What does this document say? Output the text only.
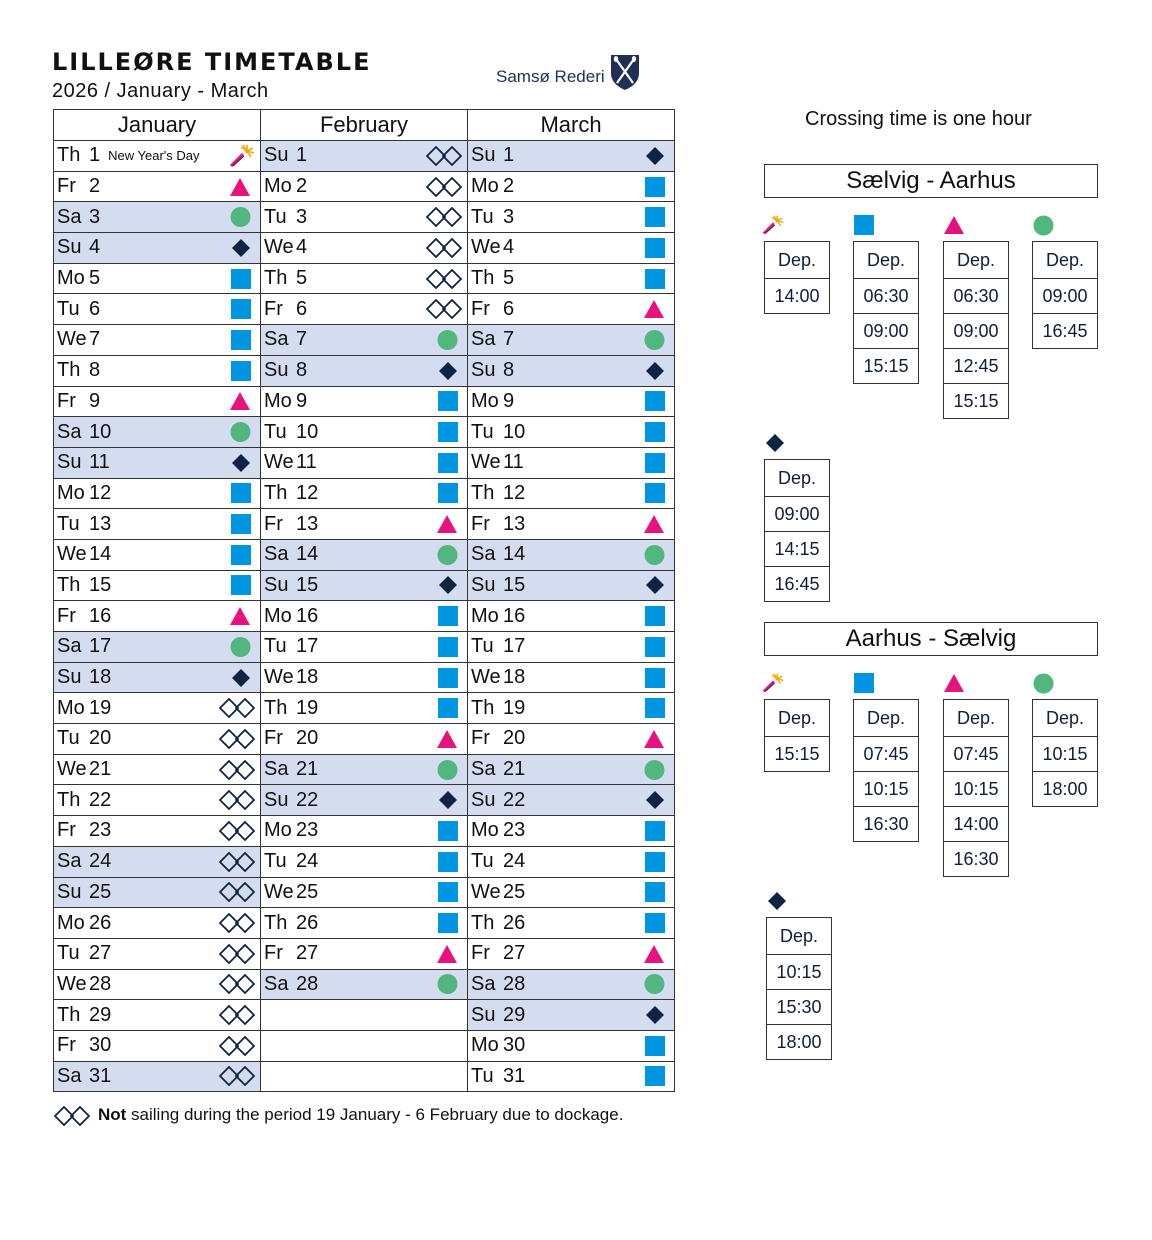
LILLEØRE TIMETABLE
2026 / January - March
Samsø Rederi
January	February	March

Th 1 New Year's Day	Su 1	Su 1

Fr 2	Mo 2	Mo 2

Sa 3	Tu 3	Tu 3

Su 4	We 4	We 4

Mo 5	Th 5	Th 5

Tu 6	Fr 6	Fr 6

We 7	Sa 7	Sa 7

Th 8	Su 8	Su 8

Fr 9	Mo 9	Mo 9

Sa 10	Tu 10	Tu 10

Su 11	We 11	We 11

Mo 12	Th 12	Th 12

Tu 13	Fr 13	Fr 13

We 14	Sa 14	Sa 14

Th 15	Su 15	Su 15

Fr 16	Mo 16	Mo 16

Sa 17	Tu 17	Tu 17

Su 18	We 18	We 18

Mo 19	Th 19	Th 19

Tu 20	Fr 20	Fr 20

We 21	Sa 21	Sa 21

Th 22	Su 22	Su 22

Fr 23	Mo 23	Mo 23

Sa 24	Tu 24	Tu 24

Su 25	We 25	We 25

Mo 26	Th 26	Th 26

Tu 27	Fr 27	Fr 27

We 28	Sa 28	Sa 28

Th 29		Su 29

Fr 30		Mo 30

Sa 31		Tu 31
Not sailing during the period 19 January - 6 February due to dockage.
Crossing time is one hour
Sælvig - Aarhus
Dep.
14:00
Dep.
06:30
09:00
15:15
Dep.
06:30
09:00
12:45
15:15
Dep.
09:00
16:45
Dep.
09:00
14:15
16:45
Aarhus - Sælvig
Dep.
15:15
Dep.
07:45
10:15
16:30
Dep.
07:45
10:15
14:00
16:30
Dep.
10:15
18:00
Dep.
10:15
15:30
18:00
